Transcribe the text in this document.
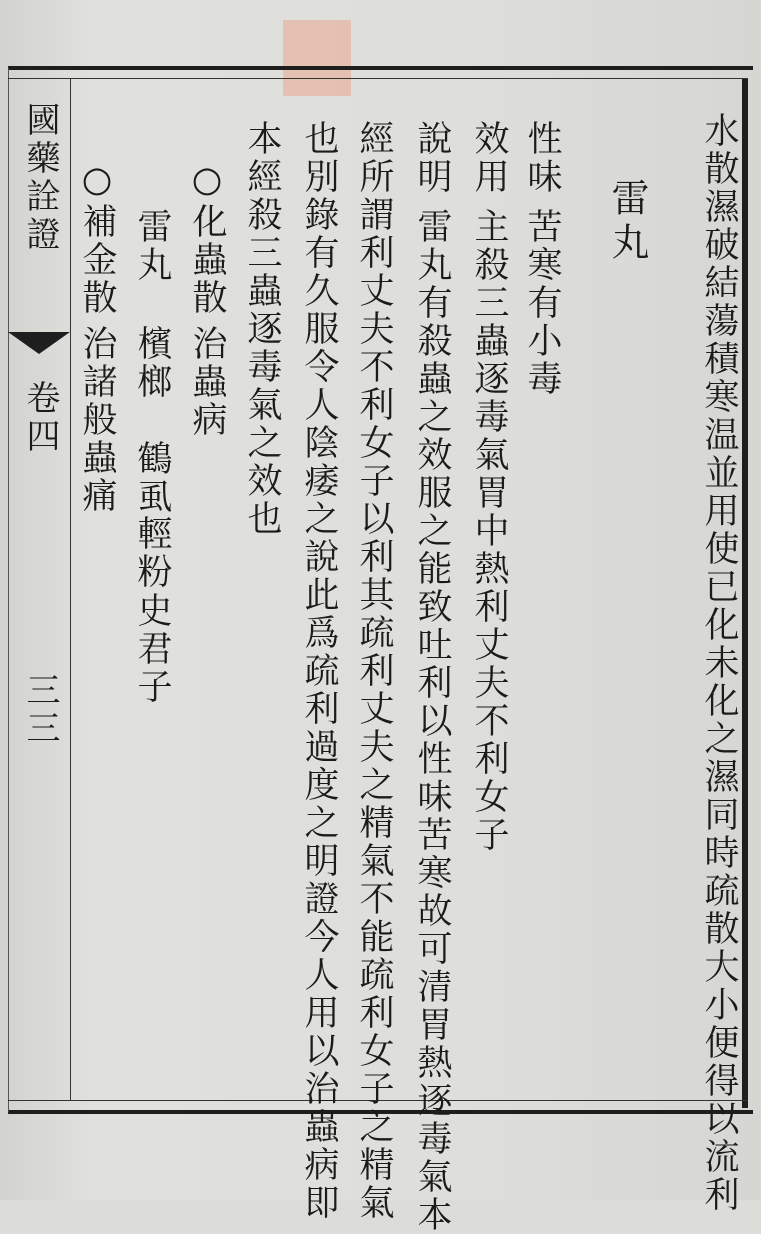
國藥詮證
卷四
三三	水散濕破結蕩積寒温並用使已化未化之濕同時疏散大小便得以流利
雷丸
性味
苦寒有小毒
效用
主殺三蟲逐毒氣胃中熱利丈夫不利女子
說明
雷丸有殺蟲之效服之能致吐利以性味苦寒故可清胃熱逐毒氣本
經所謂利丈夫不利女子以利其疏利丈夫之精氣不能疏利女子之精氣
也別錄有久服令人陰痿之說此爲疏利過度之明證今人用以治蟲病即
本經殺三蟲逐毒氣之效也
○化蟲散
治蟲病
雷丸
檳榔
鶴虱
輕粉
史君子
○補金散
治諸般蟲痛
